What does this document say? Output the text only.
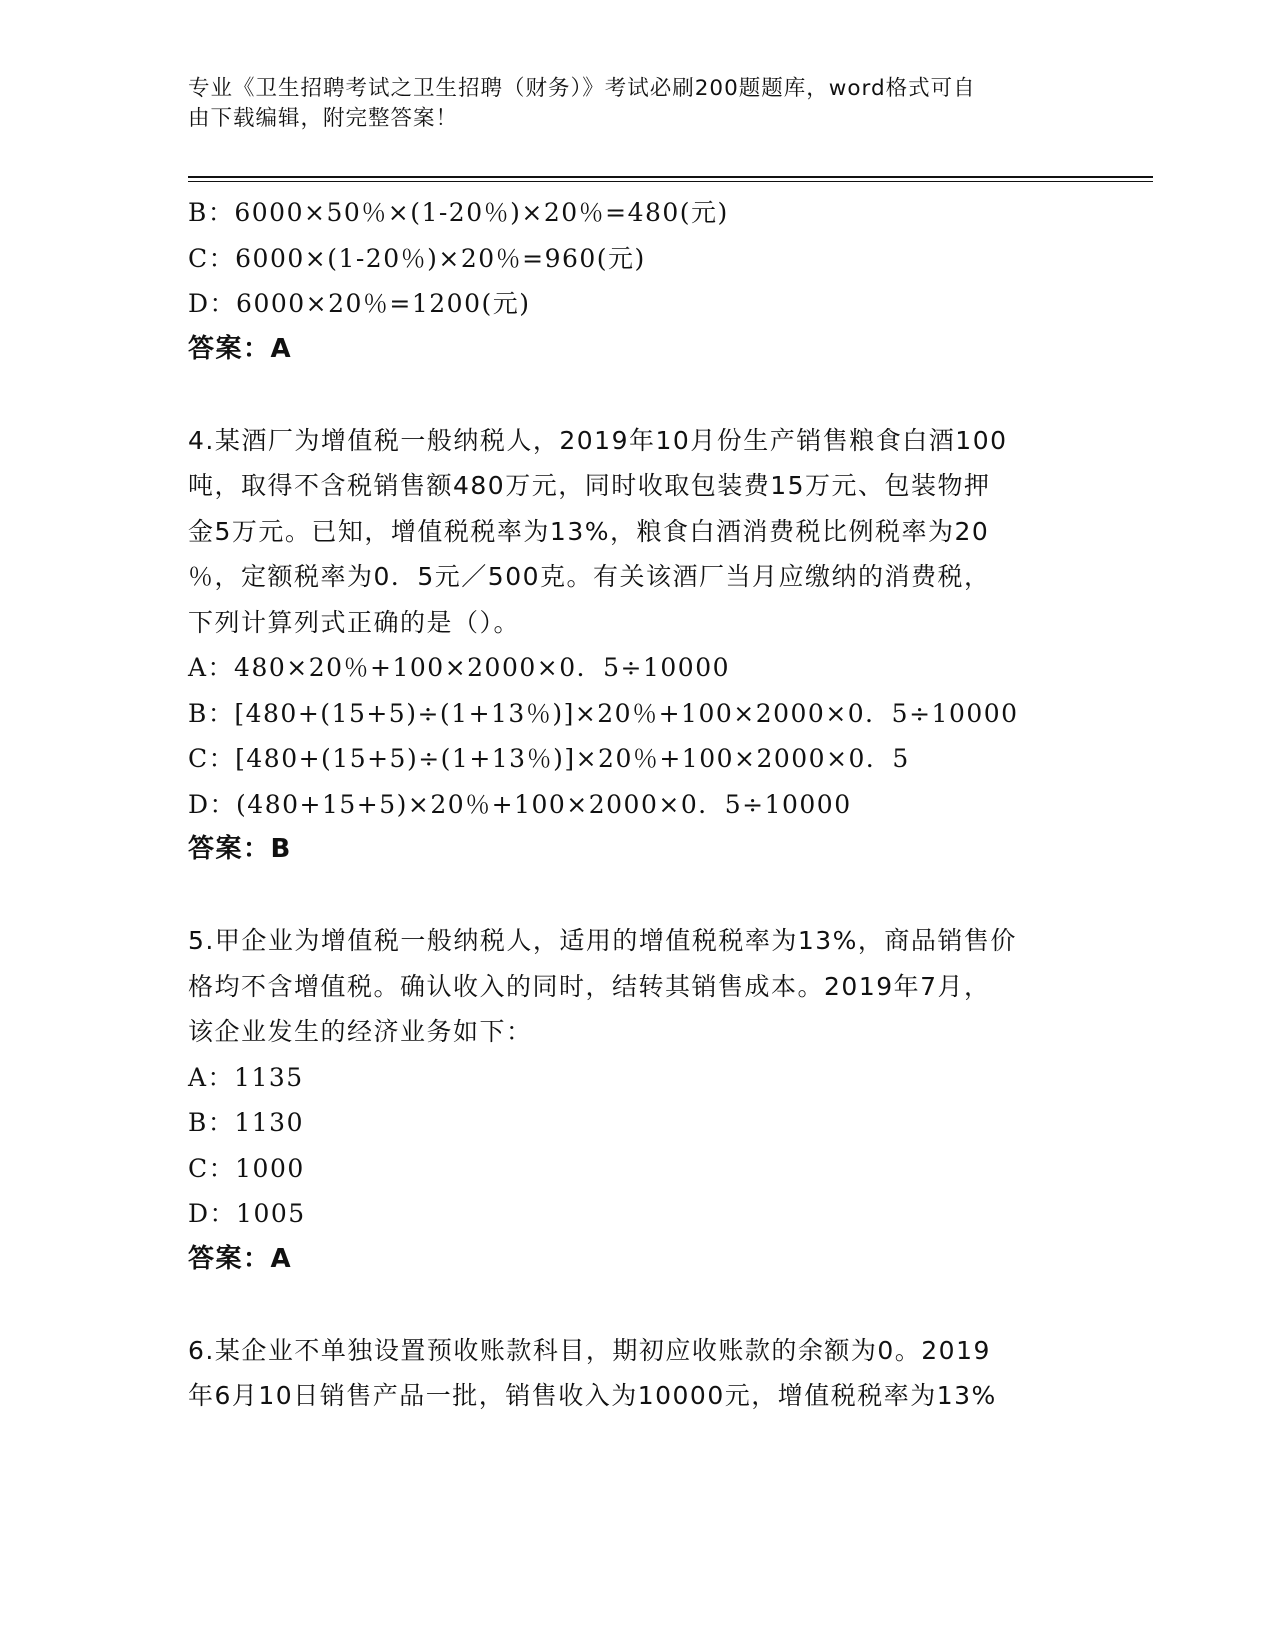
专业《卫生招聘考试之卫生招聘（财务）》考试必刷200题题库，word格式可自
由下载编辑，附完整答案！
B：6000×50％×(1-20％)×20％=480(元)
C：6000×(1-20％)×20％=960(元)
D：6000×20％=1200(元)
答案：A
4.某酒厂为增值税一般纳税人，2019年10月份生产销售粮食白酒100
吨，取得不含税销售额480万元，同时收取包装费15万元、包装物押
金5万元。已知，增值税税率为13%，粮食白酒消费税比例税率为20
％，定额税率为0．5元／500克。有关该酒厂当月应缴纳的消费税，
下列计算列式正确的是（）。
A：480×20％+100×2000×0．5÷10000
B：[480+(15+5)÷(1+13％)]×20％+100×2000×0．5÷10000
C：[480+(15+5)÷(1+13％)]×20％+100×2000×0．5
D：(480+15+5)×20％+100×2000×0．5÷10000
答案：B
5.甲企业为增值税一般纳税人，适用的增值税税率为13%，商品销售价
格均不含增值税。确认收入的同时，结转其销售成本。2019年7月，
该企业发生的经济业务如下：
A：1135
B：1130
C：1000
D：1005
答案：A
6.某企业不单独设置预收账款科目，期初应收账款的余额为0。2019
年6月10日销售产品一批，销售收入为10000元，增值税税率为13%
